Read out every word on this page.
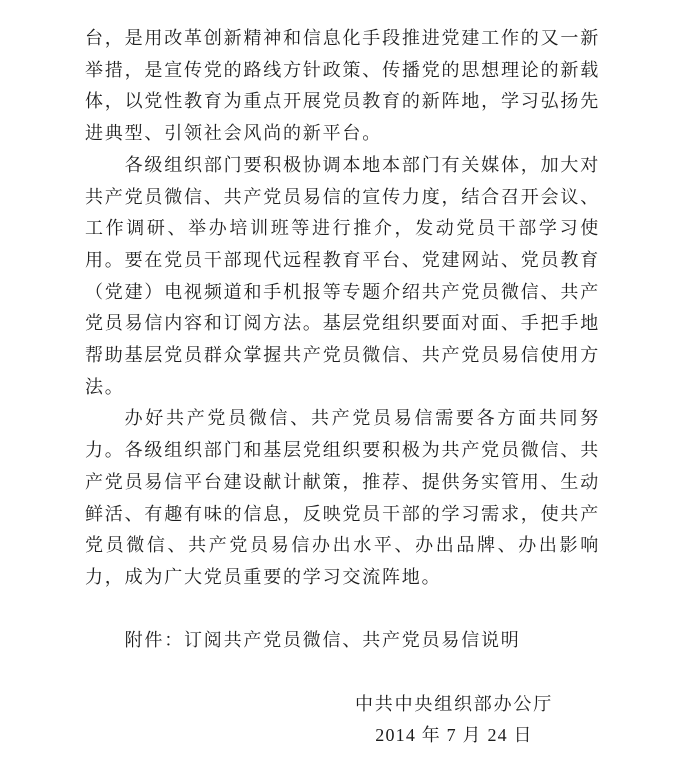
台，是用改革创新精神和信息化手段推进党建工作的又一新举措，是宣传党的路线方针政策、传播党的思想理论的新载体，以党性教育为重点开展党员教育的新阵地，学习弘扬先进典型、引领社会风尚的新平台。

各级组织部门要积极协调本地本部门有关媒体，加大对共产党员微信、共产党员易信的宣传力度，结合召开会议、工作调研、举办培训班等进行推介，发动党员干部学习使用。要在党员干部现代远程教育平台、党建网站、党员教育（党建）电视频道和手机报等专题介绍共产党员微信、共产党员易信内容和订阅方法。基层党组织要面对面、手把手地帮助基层党员群众掌握共产党员微信、共产党员易信使用方法。

办好共产党员微信、共产党员易信需要各方面共同努力。各级组织部门和基层党组织要积极为共产党员微信、共产党员易信平台建设献计献策，推荐、提供务实管用、生动鲜活、有趣有味的信息，反映党员干部的学习需求，使共产党员微信、共产党员易信办出水平、办出品牌、办出影响力，成为广大党员重要的学习交流阵地。

附件：订阅共产党员微信、共产党员易信说明
中共中央组织部办公厅
2014 年 7 月 24 日
